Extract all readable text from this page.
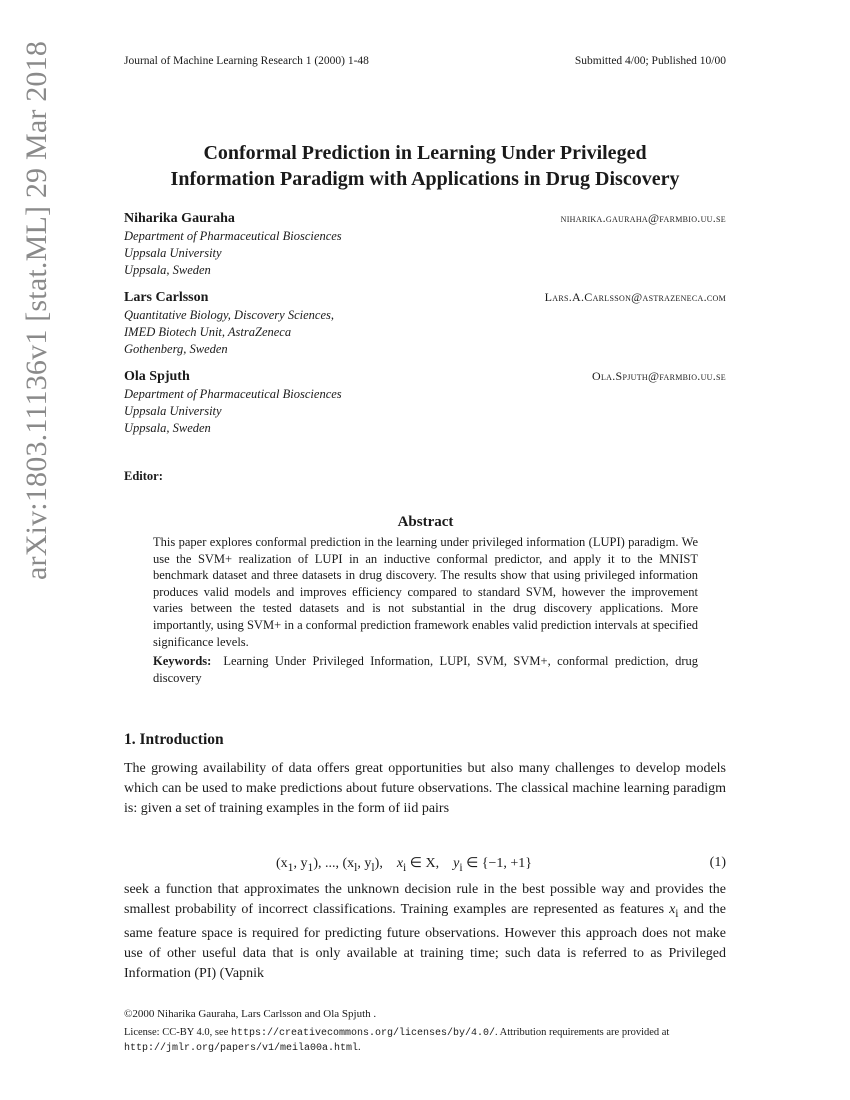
arXiv:1803.11136v1 [stat.ML] 29 Mar 2018	Journal of Machine Learning Research 1 (2000) 1-48	Submitted 4/00; Published 10/00
Conformal Prediction in Learning Under Privileged
Information Paradigm with Applications in Drug Discovery
Niharika Gauraha	niharika.gauraha@farmbio.uu.se
Department of Pharmaceutical Biosciences
Uppsala University
Uppsala, Sweden
Lars Carlsson	Lars.A.Carlsson@astrazeneca.com
Quantitative Biology, Discovery Sciences,
IMED Biotech Unit, AstraZeneca
Gothenberg, Sweden
Ola Spjuth	Ola.Spjuth@farmbio.uu.se
Department of Pharmaceutical Biosciences
Uppsala University
Uppsala, Sweden
Editor:
Abstract
This paper explores conformal prediction in the learning under privileged information (LUPI) paradigm. We use the SVM+ realization of LUPI in an inductive conformal predictor, and apply it to the MNIST benchmark dataset and three datasets in drug discovery. The results show that using privileged information produces valid models and improves efficiency compared to standard SVM, however the improvement varies between the tested datasets and is not substantial in the drug discovery applications. More importantly, using SVM+ in a conformal prediction framework enables valid prediction intervals at specified significance levels.
Keywords: Learning Under Privileged Information, LUPI, SVM, SVM+, conformal prediction, drug discovery
1. Introduction
The growing availability of data offers great opportunities but also many challenges to develop models which can be used to make predictions about future observations. The classical machine learning paradigm is: given a set of training examples in the form of iid pairs
($x_1$, $y_1$), ..., ($x_l$, $y_l$), $x_i$ ∈ X, $y_i$ ∈ {−1, +1}	(1)
seek a function that approximates the unknown decision rule in the best possible way and provides the smallest probability of incorrect classifications. Training examples are represented as features $x_i$ and the same feature space is required for predicting future observations. However this approach does not make use of other useful data that is only available at training time; such data is referred to as Privileged Information (PI) (Vapnik
©2000 Niharika Gauraha, Lars Carlsson and Ola Spjuth .
License: CC-BY 4.0, see https://creativecommons.org/licenses/by/4.0/. Attribution requirements are provided at http://jmlr.org/papers/v1/meila00a.html.
